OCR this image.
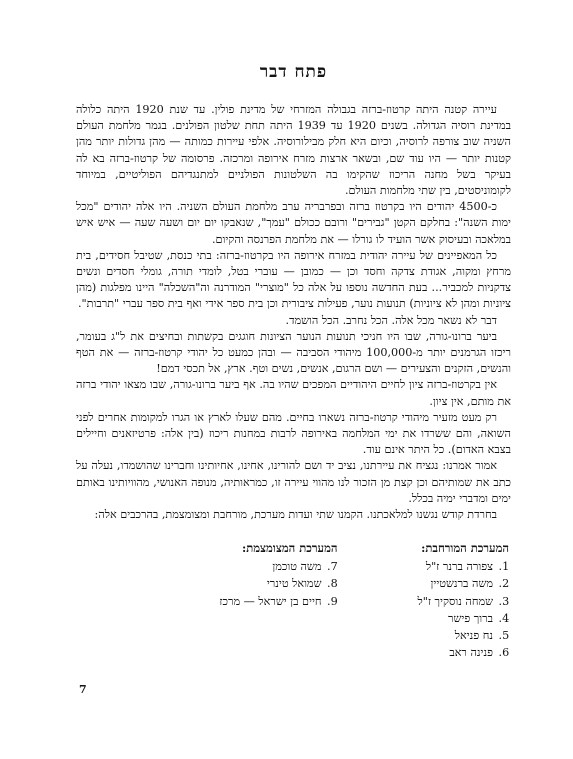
פתח דבר

עיירה קטנה היתה קרטוז-ברזה בגבולה המזרחי של מדינת פולין. עד שנת 1920 היתה כלולה במדינת רוסיה הגדולה. בשנים 1920 עד 1939 היתה תחת שלטון הפולנים. בגמר מלחמת העולם השניה שוב צורפה לרוסיה, וכיום היא חלק מבילורוסיה. אלפי עיירות כמותה — מהן גדולות יותר מהן קטנות יותר — היו עוד שם, ובשאר ארצות מזרח אירופה ומרכזה. פרסומה של קרטוז-ברזה בא לה בעיקר בשל מחנה הריכוז שהקימו בה השלטונות הפולניים למתנגדיהם הפוליטיים, במיוחד לקומוניסטים, בין שתי מלחמות העולם.

כ-4500 יהודים היו בקרטוז ברזה ובפרבריה ערב מלחמת העולם השניה. היו אלה יהודים "מכל ימות השנה": בחלקם הקטן "גבירים" ורובם ככולם "עמך", שנאבקו יום יום ושעה שעה — איש איש במלאכה ובעיסוק אשר הועיד לו גורלו — את מלחמת הפרנסה והקיום.

כל המאפיינים של עיירה יהודית במזרח אירופה היו בקרטוז-ברזה: בתי כנסת, שטיבל חסידים, בית מרחץ ומקוה, אגודת צדקה וחסד וכן — כמובן — עוברי בטל, לומדי תורה, גומלי חסדים ונשים צדקניות למכביר... בעת החדשה נוספו על אלה כל "מוצרי" המודרנה וה"השכלה" היינו מפלגות (מהן ציוניות ומהן לא ציוניות) תנועות נוער, פעילות ציבורית וכן בית ספר אידי ואף בית ספר עברי "תרבות".

דבר לא נשאר מכל אלה. הכל נחרב. הכל הושמד.

ביער ברונו-גורה, שבו היו חניכי תנועות הנוער הציונות חוגגים בקשתות ובחיצים את ל"ג בעומר, ריכזו הגרמנים יותר מ-100,000 מיהודי הסביבה — ובהן כמעט כל יהודי קרטוז-ברזה — את הטף והנשים, הזקנים והצעירים — ושם הרגום, אנשים, נשים וטף. ארץ, אל תכסי דמם!

אין בקרטוז-ברזה ציון לחיים היהודיים המפכים שהיו בה. אף ביער ברונו-גורה, שבו מצאו יהודי ברזה את מותם, אין ציון.

רק מעט מזעיר מיהודי קרטוז-ברזה נשארו בחיים. מהם שעלו לארץ או הגרו למקומות אחרים לפני השואה, והם ששרדו את ימי המלחמה באירופה לרבות במחנות ריכוז (בין אלה: פרטיזאנים וחיילים בצבא האדום). כל היתר אינם עוד.

אמור אמרנו: נגציח את עיירתנו, נציב יד ושם להורינו, אחינו, אחיותינו וחברינו שהושמדו, נעלה על כתב את שמותיהם וכן קצת מן הזכור לנו מהווי עיירה זו, כמראותיה, מנופה האנושי, מהוויותינו באותם ימים ומדברי ימיה בכלל.

בחרדת קודש נגשנו למלאכתנו. הקמנו שתי ועדות מערכת, מורחבת ומצומצמת, בהרכבים אלה:

המערכת המורחבת:
1. צפורה ברנר ז"ל
2. משה ברנשטיין
3. שמחה נוסקיך ז"ל
4. ברוך פישר
5. נח פניאל
6. פנינה ראב
המערכת המצומצמת:
7. משה טוכמן
8. שמואל טינרי
9. חיים בן ישראל — מרכז
7
